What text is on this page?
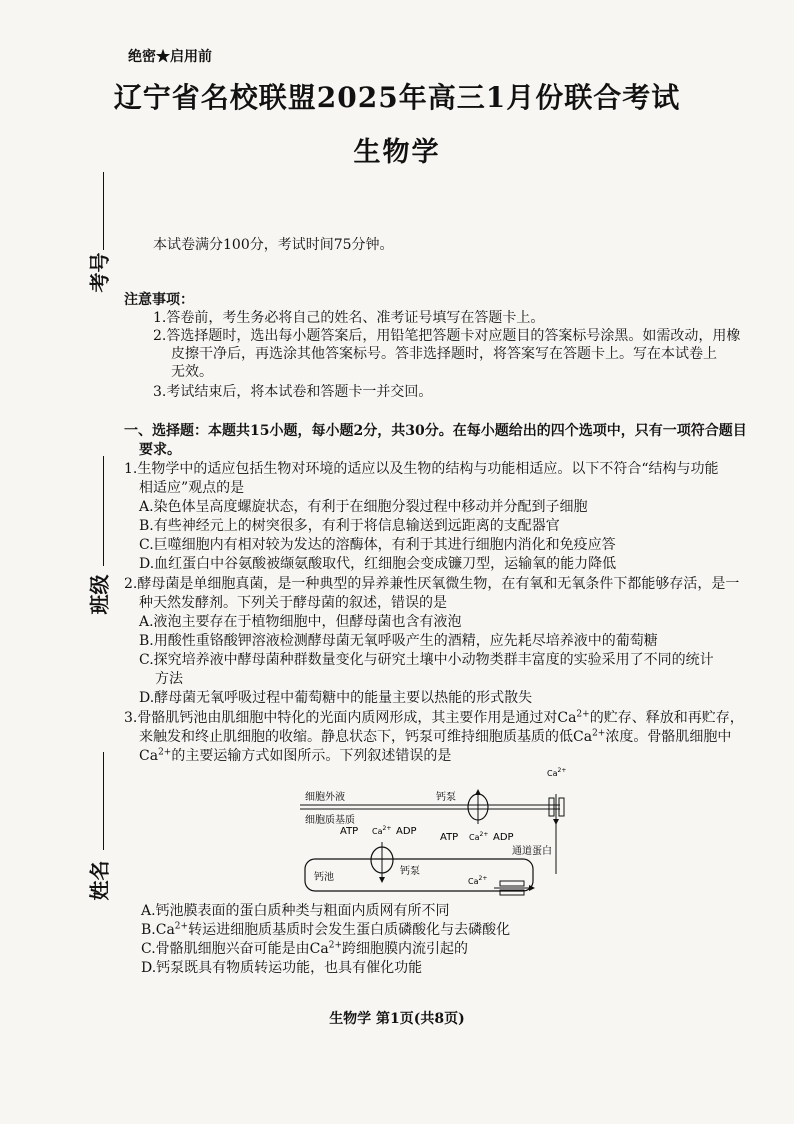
绝密★启用前
辽宁省名校联盟2025年高三1月份联合考试
生物学
考号
班级
姓名
本试卷满分100分，考试时间75分钟。
注意事项：
1.答卷前，考生务必将自己的姓名、准考证号填写在答题卡上。
2.答选择题时，选出每小题答案后，用铅笔把答题卡对应题目的答案标号涂黑。如需改动，用橡
皮擦干净后，再选涂其他答案标号。答非选择题时，将答案写在答题卡上。写在本试卷上
无效。
3.考试结束后，将本试卷和答题卡一并交回。
一、选择题：本题共15小题，每小题2分，共30分。在每小题给出的四个选项中，只有一项符合题目
要求。
1.生物学中的适应包括生物对环境的适应以及生物的结构与功能相适应。以下不符合“结构与功能
相适应”观点的是
A.染色体呈高度螺旋状态，有利于在细胞分裂过程中移动并分配到子细胞
B.有些神经元上的树突很多，有利于将信息输送到远距离的支配器官
C.巨噬细胞内有相对较为发达的溶酶体，有利于其进行细胞内消化和免疫应答
D.血红蛋白中谷氨酸被缬氨酸取代，红细胞会变成镰刀型，运输氧的能力降低
2.酵母菌是单细胞真菌，是一种典型的异养兼性厌氧微生物，在有氧和无氧条件下都能够存活，是一
种天然发酵剂。下列关于酵母菌的叙述，错误的是
A.液泡主要存在于植物细胞中，但酵母菌也含有液泡
B.用酸性重铬酸钾溶液检测酵母菌无氧呼吸产生的酒精，应先耗尽培养液中的葡萄糖
C.探究培养液中酵母菌种群数量变化与研究土壤中小动物类群丰富度的实验采用了不同的统计
方法
D.酵母菌无氧呼吸过程中葡萄糖中的能量主要以热能的形式散失
3.骨骼肌钙池由肌细胞中特化的光面内质网形成，其主要作用是通过对$Ca^{2+}$的贮存、释放和再贮存，
来触发和终止肌细胞的收缩。静息状态下，钙泵可维持细胞质基质的低$Ca^{2+}$浓度。骨骼肌细胞中
$Ca^{2+}$的主要运输方式如图所示。下列叙述错误的是
A.钙池膜表面的蛋白质种类与粗面内质网有所不同
$B.Ca^{2+}$转运进细胞质基质时会发生蛋白质磷酸化与去磷酸化
C.骨骼肌细胞兴奋可能是由$Ca^{2+}$跨细胞膜内流引起的
D.钙泵既具有物质转运功能，也具有催化功能
细胞外液
细胞质基质
钙泵
ATP	ADP
$Ca^{2+}$
$Ca^{2+}$
钙池
钙泵
ATP	ADP
$Ca^{2+}$
$Ca^{2+}$
通道蛋白
生物学 第1页(共8页)
